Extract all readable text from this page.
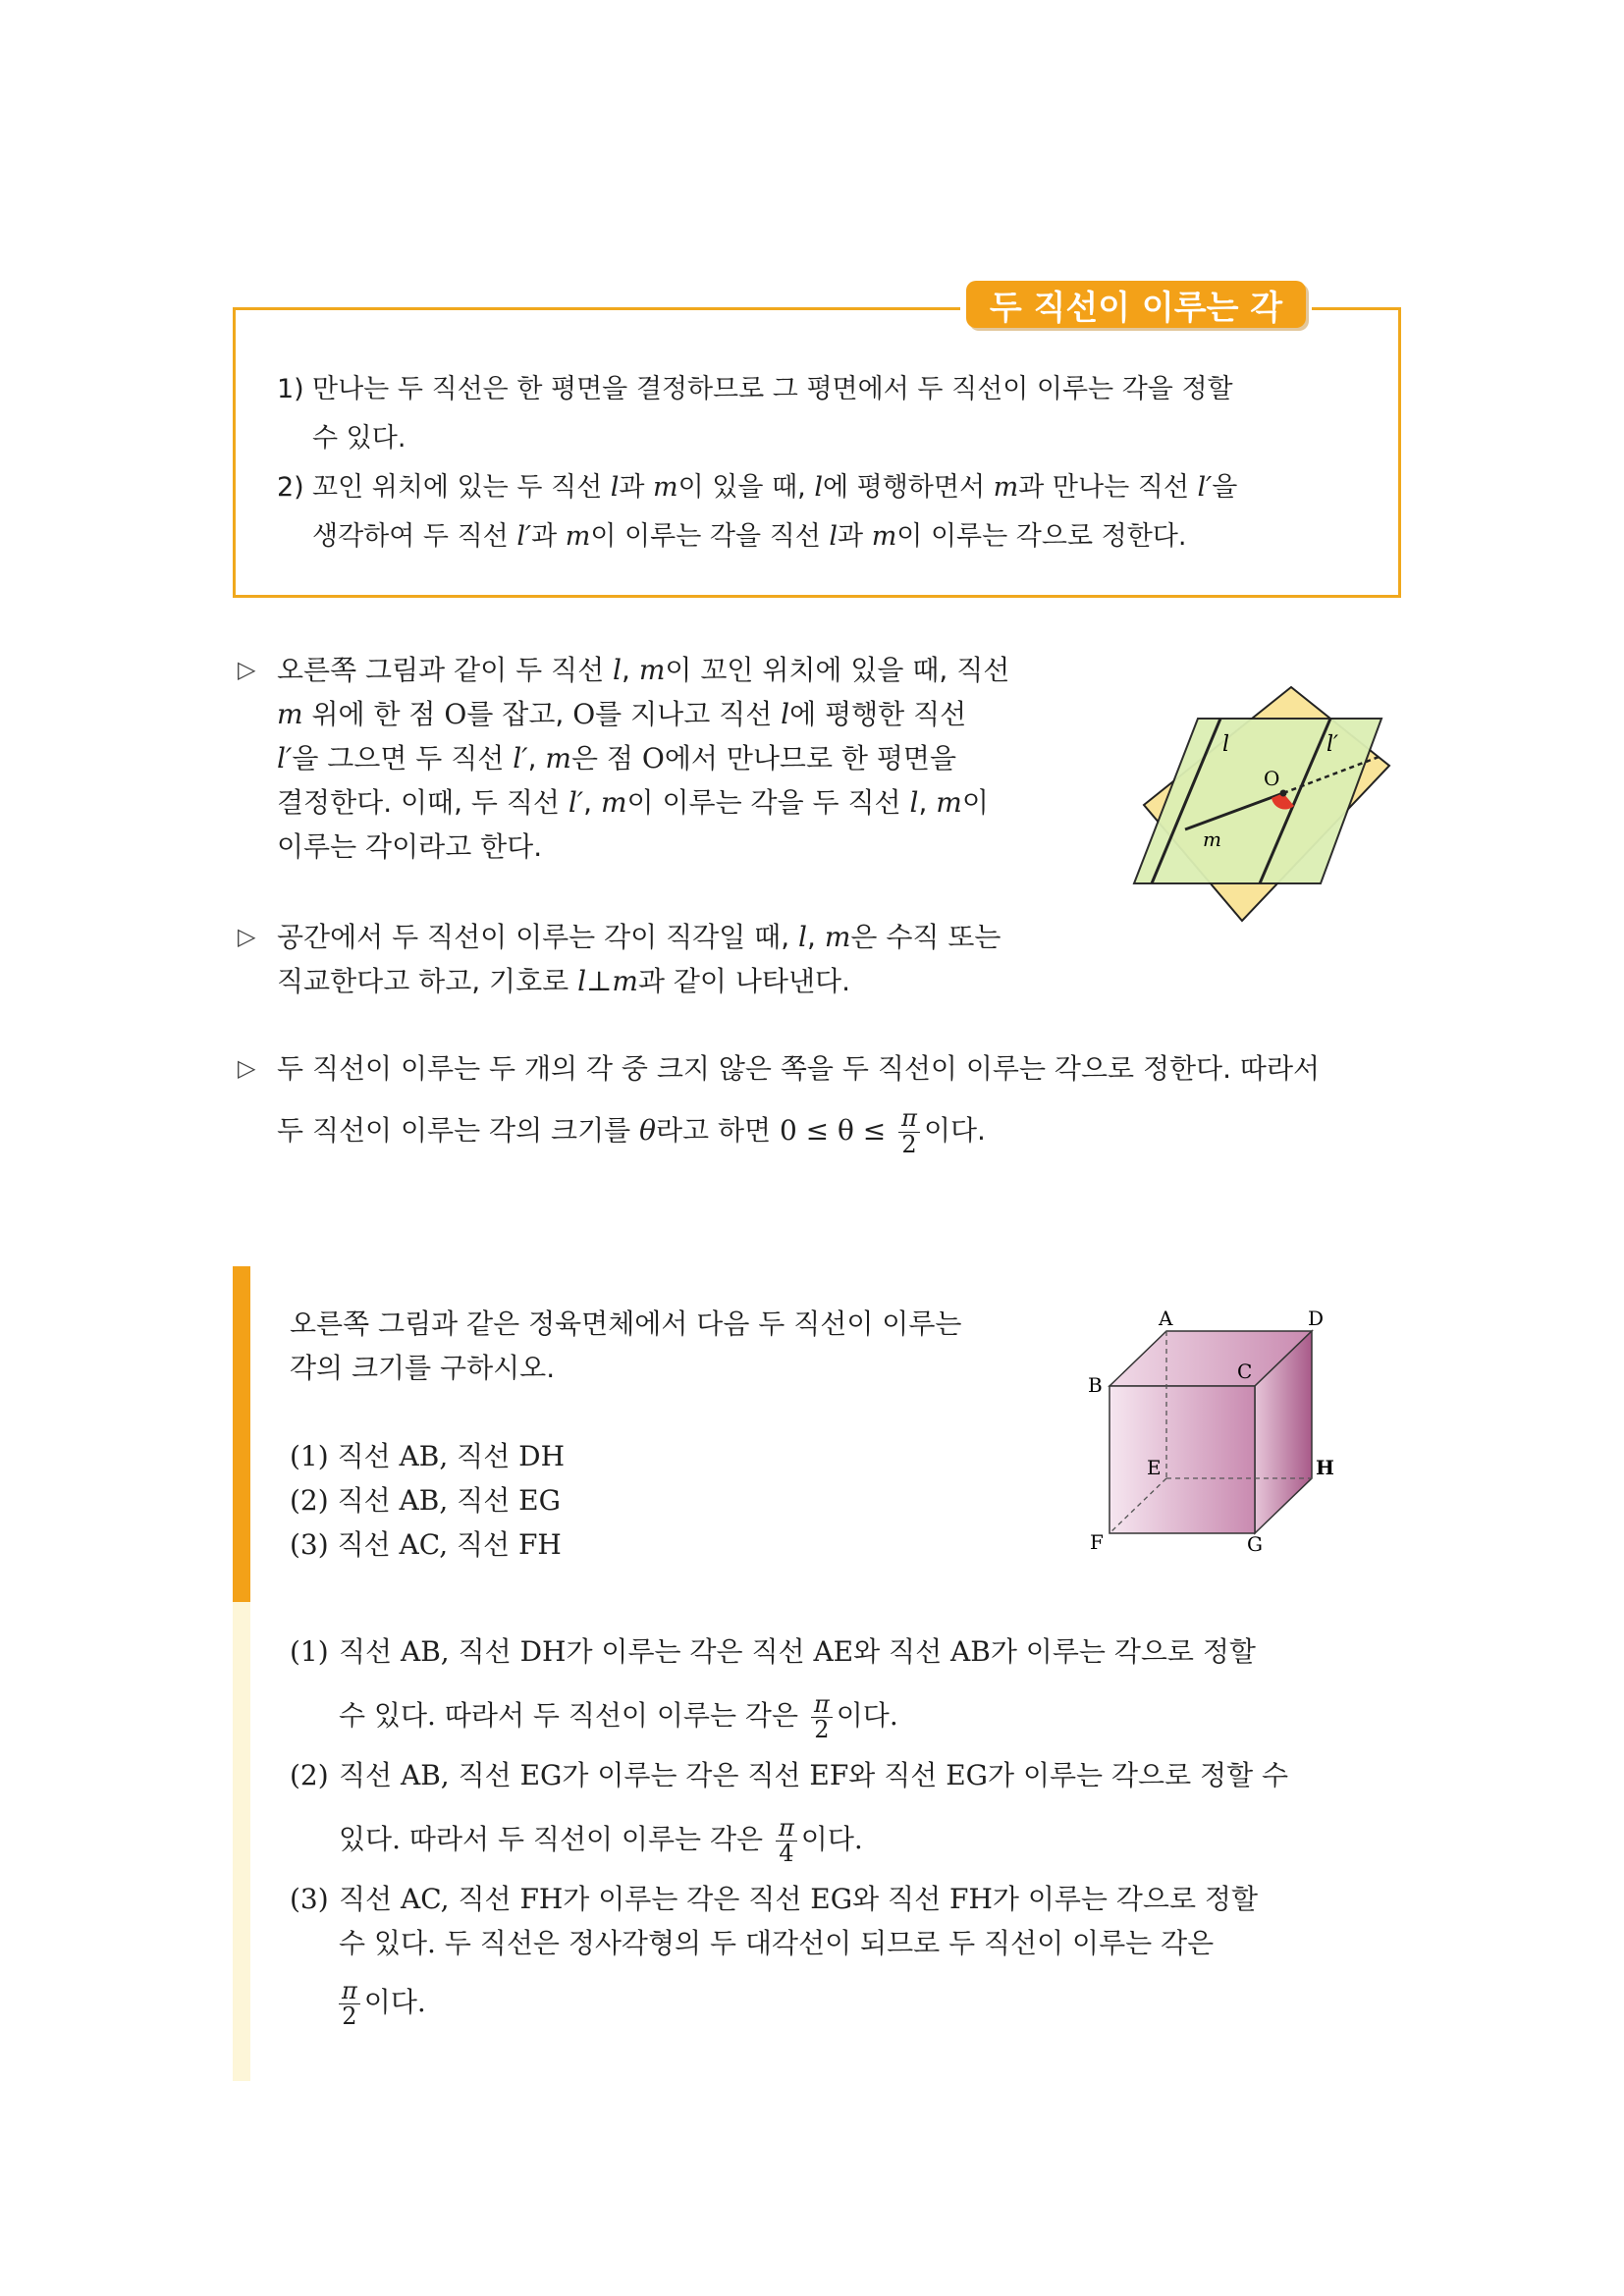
두 직선이 이루는 각
1) 만나는 두 직선은 한 평면을 결정하므로 그 평면에서 두 직선이 이루는 각을 정할
수 있다.
2) 꼬인 위치에 있는 두 직선 l과 m이 있을 때, l에 평행하면서 m과 만나는 직선 l′을
생각하여 두 직선 l′과 m이 이루는 각을 직선 l과 m이 이루는 각으로 정한다.
▷ 오른쪽 그림과 같이 두 직선 l, m이 꼬인 위치에 있을 때, 직선
m 위에 한 점 O를 잡고, O를 지나고 직선 l에 평행한 직선
l′을 그으면 두 직선 l′, m은 점 O에서 만나므로 한 평면을
결정한다. 이때, 두 직선 l′, m이 이루는 각을 두 직선 l, m이
이루는 각이라고 한다.
l	l′
O
m
▷ 공간에서 두 직선이 이루는 각이 직각일 때, l, m은 수직 또는
직교한다고 하고, 기호로 l⊥m과 같이 나타낸다.
▷ 두 직선이 이루는 두 개의 각 중 크지 않은 쪽을 두 직선이 이루는 각으로 정한다. 따라서
두 직선이 이루는 각의 크기를 θ라고 하면 $0 \le \theta \le \frac{\pi}{2}$ 이다.
오른쪽 그림과 같은 정육면체에서 다음 두 직선이 이루는
각의 크기를 구하시오.
(1) 직선 AB, 직선 DH
(2) 직선 AB, 직선 EG
(3) 직선 AC, 직선 FH
A	D
B
C
E	H
F	G
(1) 직선 AB, 직선 DH가 이루는 각은 직선 AE와 직선 AB가 이루는 각으로 정할
수 있다. 따라서 두 직선이 이루는 각은 $\frac{\pi}{2}$ 이다.
(2) 직선 AB, 직선 EG가 이루는 각은 직선 EF와 직선 EG가 이루는 각으로 정할 수
있다. 따라서 두 직선이 이루는 각은 $\frac{\pi}{4}$ 이다.
(3) 직선 AC, 직선 FH가 이루는 각은 직선 EG와 직선 FH가 이루는 각으로 정할
수 있다. 두 직선은 정사각형의 두 대각선이 되므로 두 직선이 이루는 각은
$\frac{\pi}{2}$ 이다.
